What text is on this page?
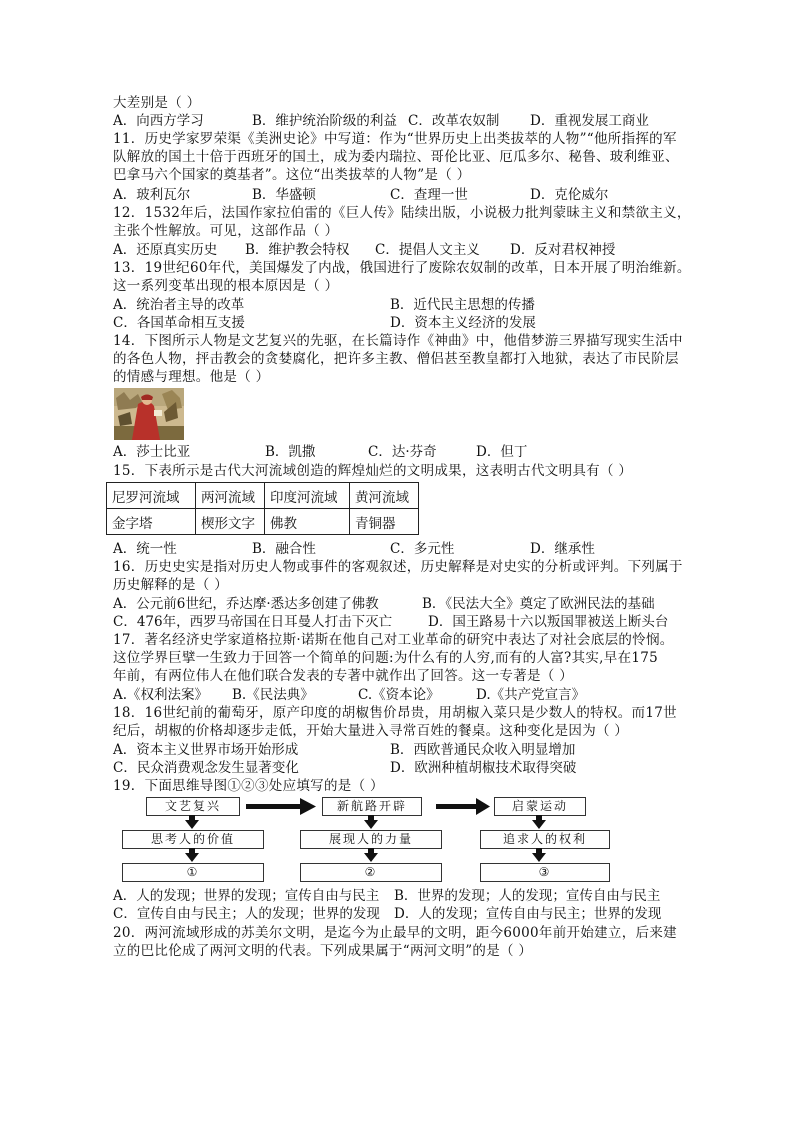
大差别是（ ）
A．向西方学习	B．维护统治阶级的利益 C．改革农奴制 D．重视发展工商业
11．历史学家罗荣渠《美洲史论》中写道：作为“世界历史上出类拔萃的人物”“他所指挥的军
队解放的国土十倍于西班牙的国土，成为委内瑞拉、哥伦比亚、厄瓜多尔、秘鲁、玻利维亚、
巴拿马六个国家的奠基者”。这位“出类拔萃的人物”是（ ）
A．玻利瓦尔	B．华盛顿	C．查理一世	D．克伦威尔
12．1532年后，法国作家拉伯雷的《巨人传》陆续出版，小说极力批判蒙昧主义和禁欲主义，
主张个性解放。可见，这部作品（ ）
A．还原真实历史 B．维护教会特权 C．提倡人文主义 D．反对君权神授
13．19世纪60年代，美国爆发了内战，俄国进行了废除农奴制的改革，日本开展了明治维新。
这一系列变革出现的根本原因是（ ）
A．统治者主导的改革	B．近代民主思想的传播
C．各国革命相互支援	D．资本主义经济的发展
14．下图所示人物是文艺复兴的先驱，在长篇诗作《神曲》中，他借梦游三界描写现实生活中
的各色人物，抨击教会的贪婪腐化，把许多主教、僧侣甚至教皇都打入地狱，表达了市民阶层
的情感与理想。他是（ ）
A．莎士比亚	B．凯撒	C．达·芬奇	D．但丁
15．下表所示是古代大河流域创造的辉煌灿烂的文明成果，这表明古代文明具有（ ）
尼罗河流域	两河流域	印度河流域	黄河流域
金字塔	楔形文字	佛教	青铜器
A．统一性	B．融合性	C．多元性	D．继承性
16．历史史实是指对历史人物或事件的客观叙述，历史解释是对史实的分析或评判。下列属于
历史解释的是（ ）
A．公元前6世纪，乔达摩·悉达多创建了佛教	B．《民法大全》奠定了欧洲民法的基础
C．476年，西罗马帝国在日耳曼人打击下灭亡	D．国王路易十六以叛国罪被送上断头台
17．著名经济史学家道格拉斯·诺斯在他自己对工业革命的研究中表达了对社会底层的怜悯。
这位学界巨擘一生致力于回答一个简单的问题:为什么有的人穷,而有的人富?其实,早在175
年前，有两位伟人在他们联合发表的专著中就作出了回答。这一专著是（ ）
A.《权利法案》 B.《民法典》	C.《资本论》	D.《共产党宣言》
18．16世纪前的葡萄牙，原产印度的胡椒售价昂贵，用胡椒入菜只是少数人的特权。而17世
纪后，胡椒的价格却逐步走低，开始大量进入寻常百姓的餐桌。这种变化是因为（ ）
A．资本主义世界市场开始形成	B．西欧普通民众收入明显增加
C．民众消费观念发生显著变化	D．欧洲种植胡椒技术取得突破
19．下面思维导图①②③处应填写的是（ ）
文艺复兴	新航路开辟	启蒙运动
思考人的价值	展现人的力量	追求人的权利
①	②	③
A．人的发现；世界的发现；宣传自由与民主 B．世界的发现；人的发现；宣传自由与民主
C．宣传自由与民主；人的发现；世界的发现 D．人的发现；宣传自由与民主；世界的发现
20．两河流域形成的苏美尔文明，是迄今为止最早的文明，距今6000年前开始建立，后来建
立的巴比伦成了两河文明的代表。下列成果属于“两河文明”的是（ ）
